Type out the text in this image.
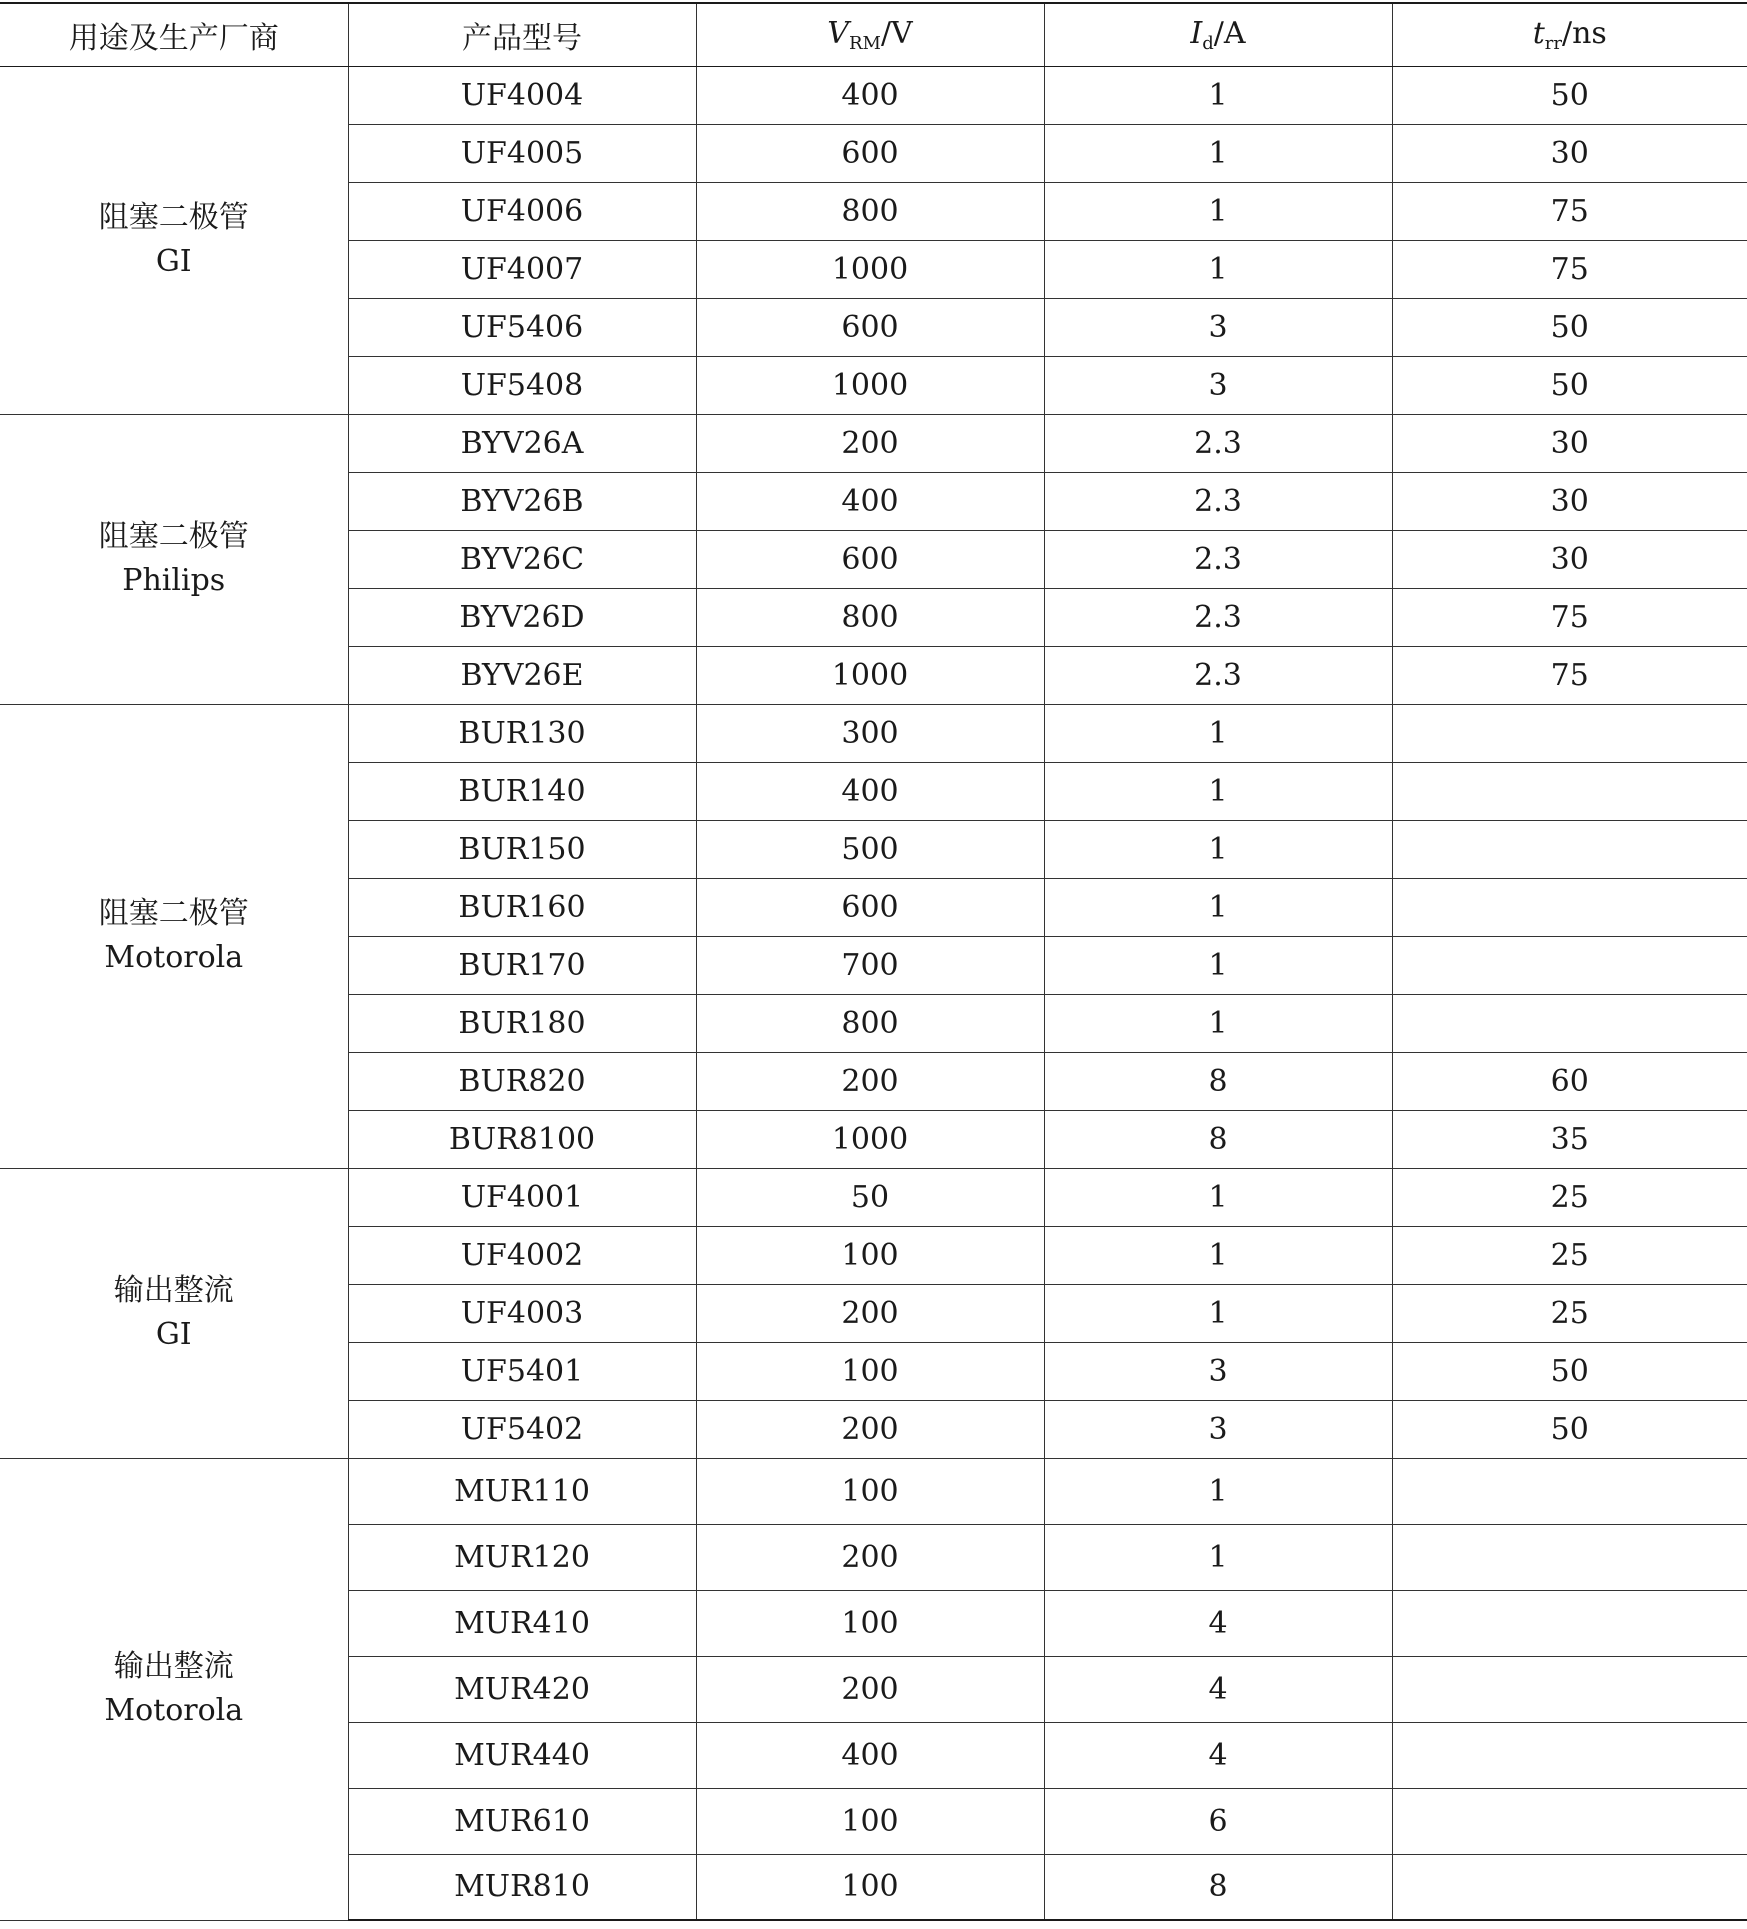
用途及生产厂商	产品型号	$V_{RM}/V$	$I_d/A$	$t_{rr}/ns$

阻塞二极管
GI	UF4004	400	1	50
	UF4005	600	1	30
	UF4006	800	1	75
	UF4007	1000	1	75
	UF5406	600	3	50
	UF5408	1000	3	50

阻塞二极管
Philips	BYV26A	200	2.3	30
	BYV26B	400	2.3	30
	BYV26C	600	2.3	30
	BYV26D	800	2.3	75
	BYV26E	1000	2.3	75

阻塞二极管
Motorola	BUR130	300	1	
	BUR140	400	1	
	BUR150	500	1	
	BUR160	600	1	
	BUR170	700	1	
	BUR180	800	1	
	BUR820	200	8	60
	BUR8100	1000	8	35

输出整流
GI	UF4001	50	1	25
	UF4002	100	1	25
	UF4003	200	1	25
	UF5401	100	3	50
	UF5402	200	3	50

输出整流
Motorola	MUR110	100	1	
	MUR120	200	1	
	MUR410	100	4	
	MUR420	200	4	
	MUR440	400	4	
	MUR610	100	6	
	MUR810	100	8	
